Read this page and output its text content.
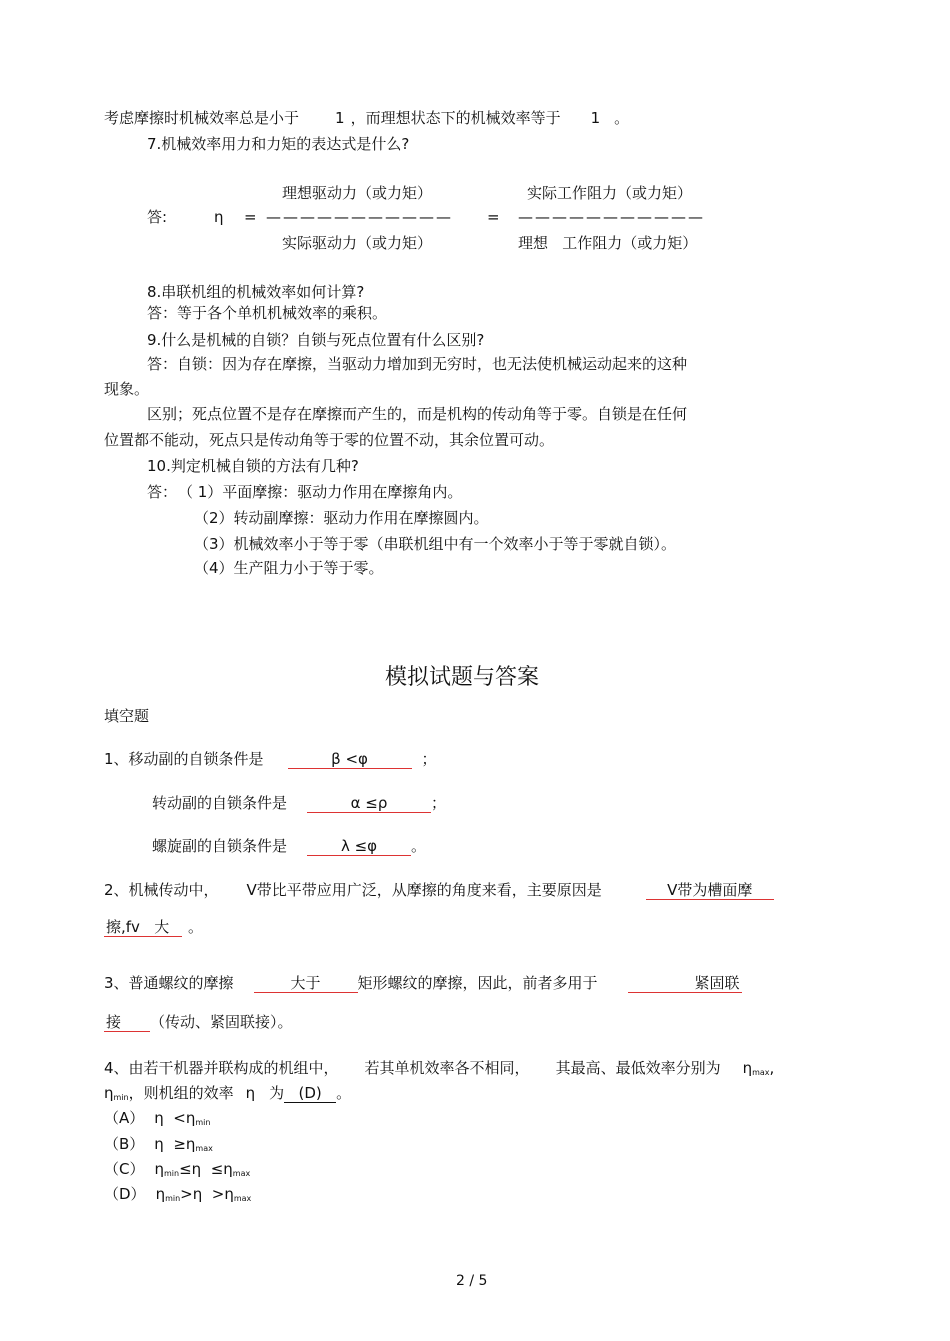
考虑摩擦时机械效率总是小于 1 ，而理想状态下的机械效率等于 1 。
7.机械效率用力和力矩的表达式是什么?
理想驱动力（或力矩）	实际工作阻力（或力矩）
答:	η = ——————————— = ———————————
实际驱动力（或力矩）	理想   工作阻力（或力矩）
8.串联机组的机械效率如何计算?
答：等于各个单机机械效率的乘积。
9.什么是机械的自锁？自锁与死点位置有什么区别?
答：自锁：因为存在摩擦，当驱动力增加到无穷时，也无法使机械运动起来的这种
现象。
区别；死点位置不是存在摩擦而产生的，而是机构的传动角等于零。自锁是在任何
位置都不能动，死点只是传动角等于零的位置不动，其余位置可动。
10.判定机械自锁的方法有几种?
答： （ 1）平面摩擦：驱动力作用在摩擦角内。
（2）转动副摩擦：驱动力作用在摩擦圆内。
（3）机械效率小于等于零（串联机组中有一个效率小于等于零就自锁）。
（4）生产阻力小于等于零。
模拟试题与答案
填空题
1、移动副的自锁条件是	β <φ	；
转动副的自锁条件是	α ≤ρ	；
螺旋副的自锁条件是	λ ≤φ 。
2、机械传动中， V带比平带应用广泛，从摩擦的角度来看，主要原因是	V带为槽面摩
擦,fv   大 。
3、普通螺纹的摩擦	大于 矩形螺纹的摩擦，因此，前者多用于	紧固联
接 （传动、紧固联接）。
4、由若干机器并联构成的机组中， 若其单机效率各不相同， 其最高、最低效率分别为 ηmax,
ηmin，则机组的效率 η 为 (D) 。
（A） η  <ηmin
（B） η  ≥ηmax
（C） ηmin≤η  ≤ηmax
（D） ηmin>η  >ηmax
2 / 5
